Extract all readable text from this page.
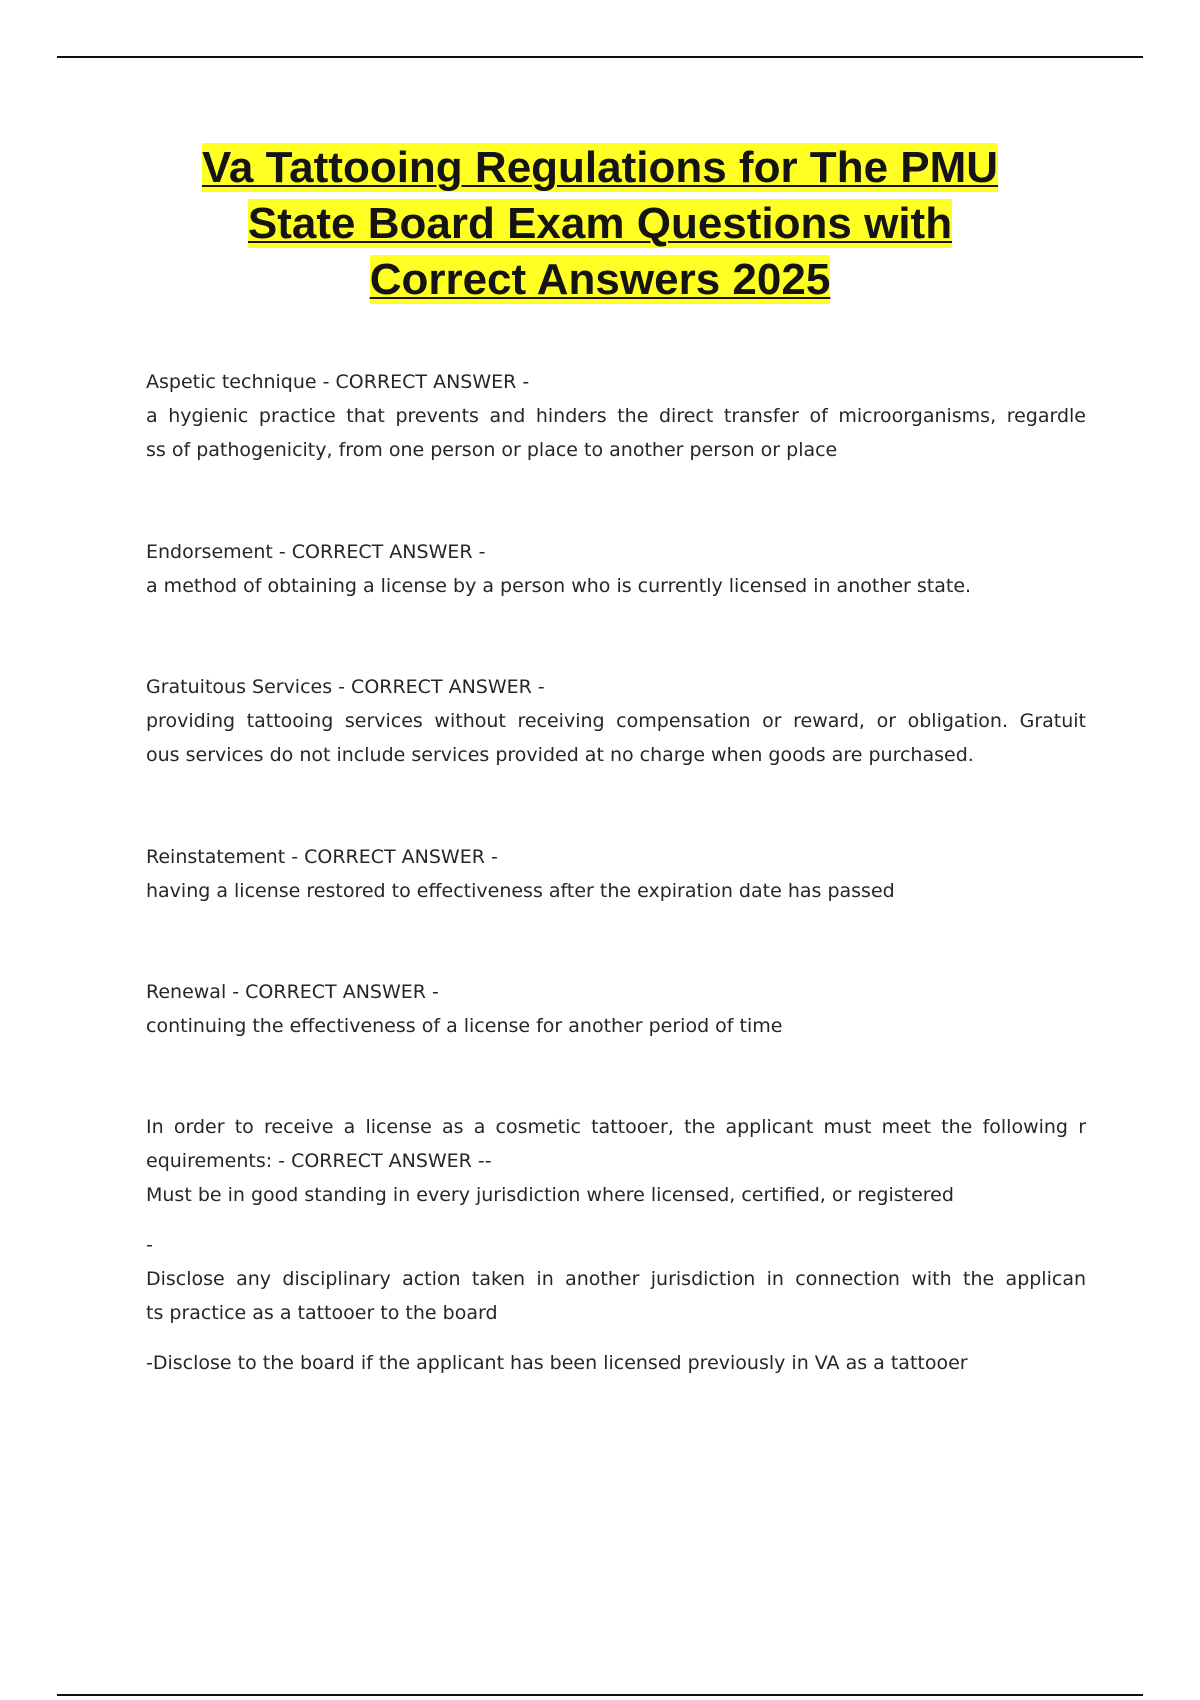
Va Tattooing Regulations for The PMU
State Board Exam Questions with
Correct Answers 2025
Aspetic technique - CORRECT ANSWER -
a hygienic practice that prevents and hinders the direct transfer of microorganisms, regardle
ss of pathogenicity, from one person or place to another person or place
Endorsement - CORRECT ANSWER -
a method of obtaining a license by a person who is currently licensed in another state.
Gratuitous Services - CORRECT ANSWER -
providing tattooing services without receiving compensation or reward, or obligation. Gratuit
ous services do not include services provided at no charge when goods are purchased.
Reinstatement - CORRECT ANSWER -
having a license restored to effectiveness after the expiration date has passed
Renewal - CORRECT ANSWER -
continuing the effectiveness of a license for another period of time
In order to receive a license as a cosmetic tattooer, the applicant must meet the following r
equirements: - CORRECT ANSWER --
Must be in good standing in every jurisdiction where licensed, certified, or registered
-
Disclose any disciplinary action taken in another jurisdiction in connection with the applican
ts practice as a tattooer to the board
-Disclose to the board if the applicant has been licensed previously in VA as a tattooer
